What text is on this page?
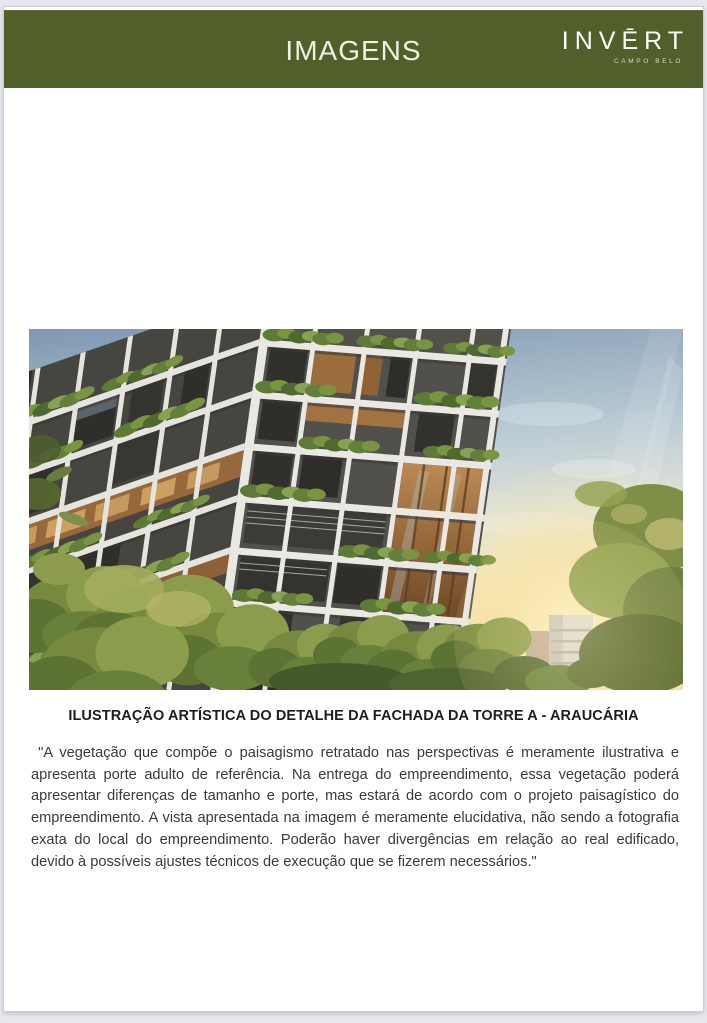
IMAGENS	INVĒRT
CAMPO BELO
ILUSTRAÇÃO ARTÍSTICA DO DETALHE DA FACHADA DA TORRE A - ARAUCÁRIA
"A vegetação que compõe o paisagismo retratado nas perspectivas é meramente ilustrativa e apresenta porte adulto de referência. Na entrega do empreendimento, essa vegetação poderá apresentar diferenças de tamanho e porte, mas estará de acordo com o projeto paisagístico do empreendimento. A vista apresentada na imagem é meramente elucidativa, não sendo a fotografia exata do local do empreendimento. Poderão haver divergências em relação ao real edificado, devido à possíveis ajustes técnicos de execução que se fizerem necessários."
